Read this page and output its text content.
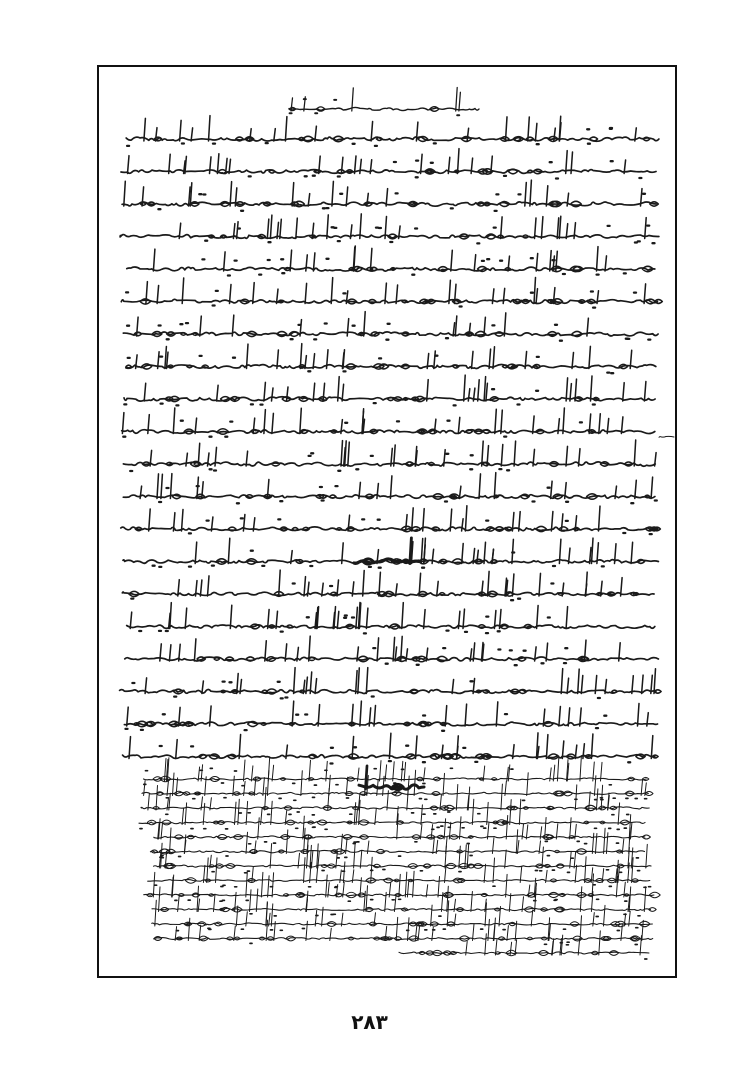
٢٨٣
